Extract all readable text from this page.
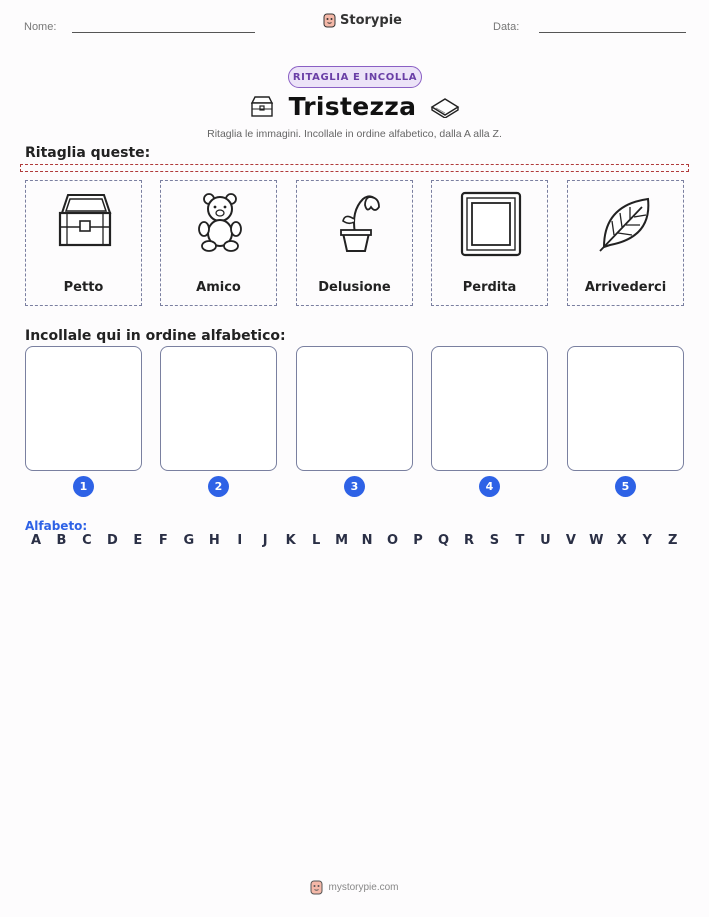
Nome:	Storypie	Data:
RITAGLIA E INCOLLA
Tristezza
Ritaglia le immagini. Incollale in ordine alfabetico, dalla A alla Z.
Ritaglia queste:
Petto	Amico	Delusione	Perdita	Arrivederci
Incollale qui in ordine alfabetico:
1	2	3	4	5
Alfabeto:
A	B	C	D	E	F	G	H	I	J	K	L	M	N	O	P	Q	R	S	T	U	V	W	X	Y	Z
mystorypie.com
